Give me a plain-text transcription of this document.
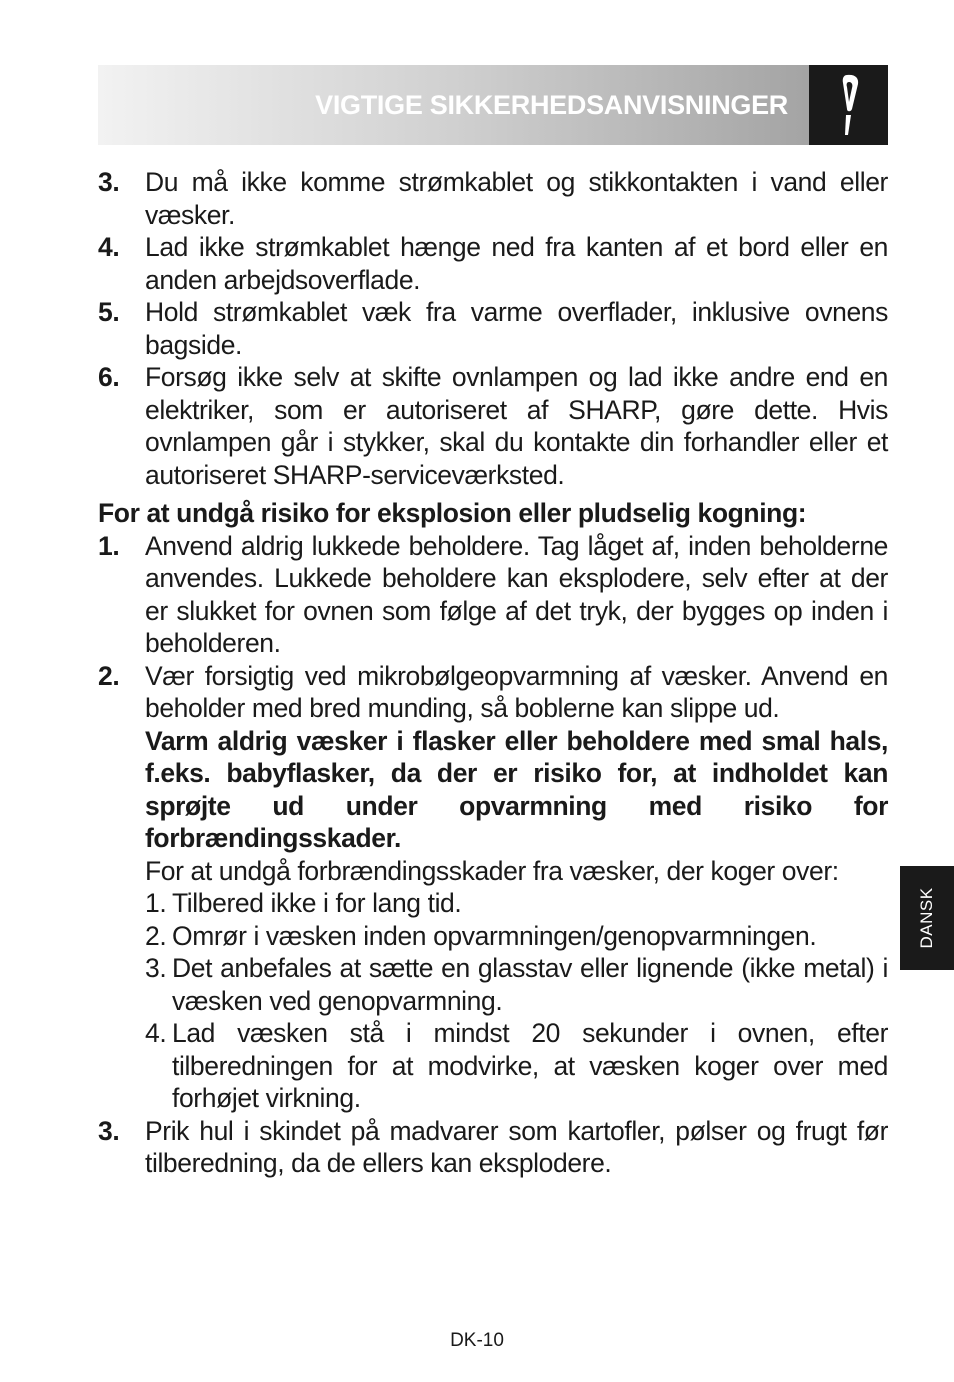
VIGTIGE SIKKERHEDSANVISNINGER
3. Du må ikke komme strømkablet og stikkontakten i vand eller væsker.
4. Lad ikke strømkablet hænge ned fra kanten af et bord eller en anden arbejdsoverflade.
5. Hold strømkablet væk fra varme overflader, inklusive ovnens bagside.
6. Forsøg ikke selv at skifte ovnlampen og lad ikke andre end en elektriker, som er autoriseret af SHARP, gøre dette. Hvis ovnlampen går i stykker, skal du kontakte din forhandler eller et autoriseret SHARP-serviceværksted.
For at undgå risiko for eksplosion eller pludselig kogning:
1. Anvend aldrig lukkede beholdere. Tag låget af, inden beholderne anvendes. Lukkede beholdere kan eksplodere, selv efter at der er slukket for ovnen som følge af det tryk, der bygges op inden i beholderen.
2. Vær forsigtig ved mikrobølgeopvarmning af væsker. Anvend en beholder med bred munding, så boblerne kan slippe ud.
Varm aldrig væsker i flasker eller beholdere med smal hals, f.eks. babyflasker, da der er risiko for, at indholdet kan sprøjte ud under opvarmning med risiko for forbrændingsskader.
For at undgå forbrændingsskader fra væsker, der koger over:
1. Tilbered ikke i for lang tid.
2. Omrør i væsken inden opvarmningen/genopvarmningen.
3. Det anbefales at sætte en glasstav eller lignende (ikke metal) i væsken ved genopvarmning.
4. Lad væsken stå i mindst 20 sekunder i ovnen, efter tilberedningen for at modvirke, at væsken koger over med forhøjet virkning.
3. Prik hul i skindet på madvarer som kartofler, pølser og frugt før tilberedning, da de ellers kan eksplodere.
DANSK
DK-10
